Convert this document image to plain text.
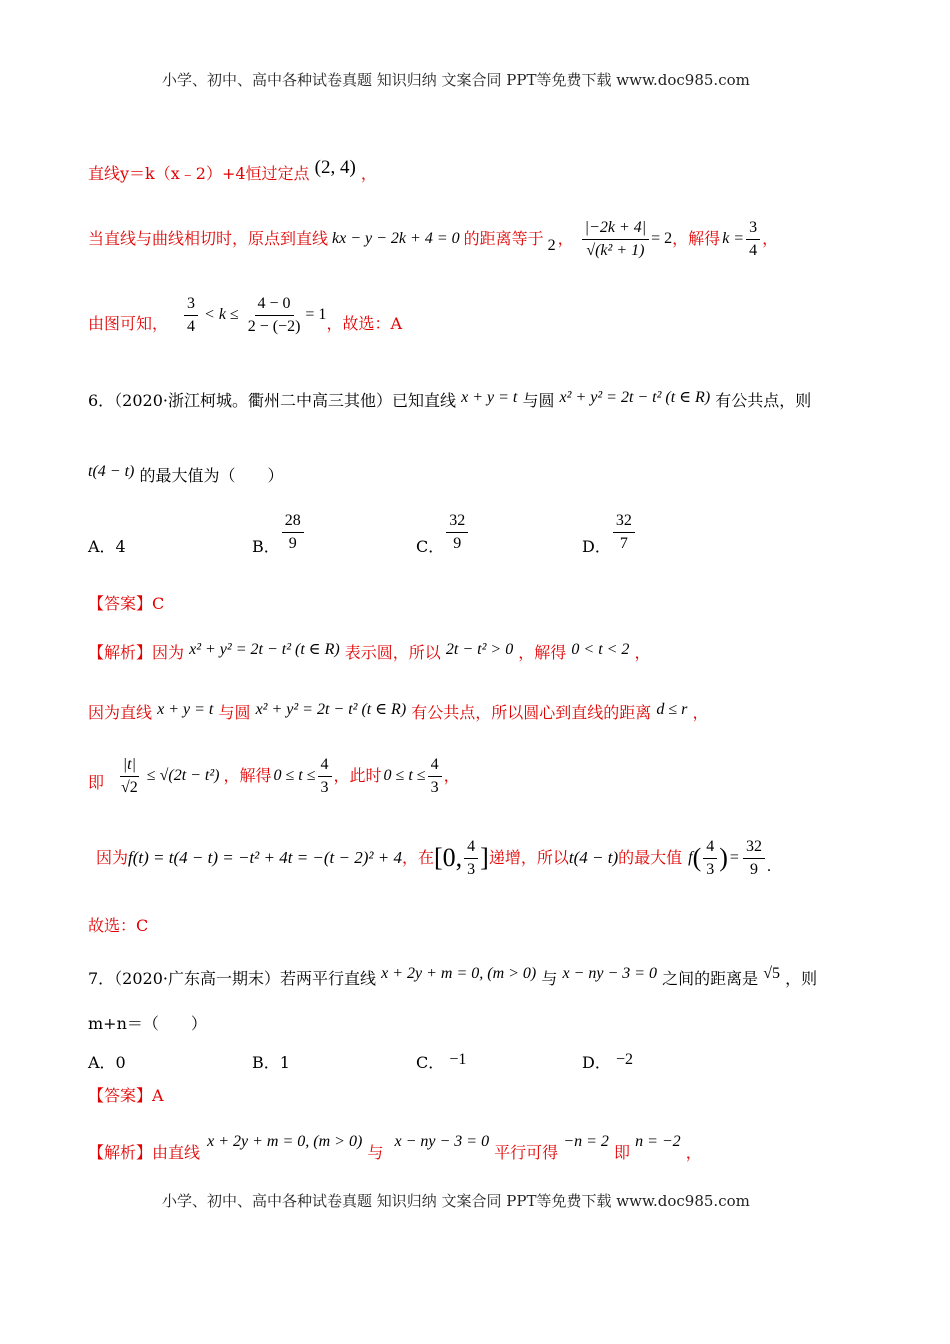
小学、初中、高中各种试卷真题 知识归纳 文案合同 PPT等免费下载 www.doc985.com
直线y＝k（x﹣2）+4恒过定点 (2, 4) ，
当直线与曲线相切时，原点到直线 kx − y − 2k + 4 = 0 的距离等于 2 ， $\frac{|-2k + 4|}{\text{√(k² + 1)}} = 2$ ，解得 $k = \frac{3}{4}$ ，
由图可知， $\frac{3}{4} < k \le \frac{4 - 0}{2 - (-2)} = 1$ ，故选：A
6．（2020·浙江柯城。衢州二中高三其他）已知直线 x + y = t 与圆 x² + y² = 2t − t² (t ∈ R) 有公共点，则
t(4 − t) 的最大值为（　　）
A．4	B． $\frac{28}{9}$	C． $\frac{32}{9}$	D． $\frac{32}{7}$
【答案】C
【解析】因为 x² + y² = 2t − t² (t ∈ R) 表示圆，所以 2t − t² > 0 ，解得 0 < t < 2 ，
因为直线 x + y = t 与圆 x² + y² = 2t − t² (t ∈ R) 有公共点，所以圆心到直线的距离 d ≤ r ，
即 $\frac{|t|}{√2} \le √(2t - t^2)$ ，解得 $0 \le t \le \frac{4}{3}$ ，此时 $0 \le t \le \frac{4}{3}$ ，
因为 f(t) = t(4 − t) = −t² + 4t = −(t − 2)² + 4 ，在 [0, $\frac{4}{3}$ ] 递增，所以 t(4 − t) 的最大值 f ( $\frac{4}{3}$ ) = $\frac{32}{9}$ .
故选：C
7．（2020·广东高一期末）若两平行直线 x + 2y + m = 0, (m > 0) 与 x − ny − 3 = 0 之间的距离是 √5 ，则
m+n＝（　　）
A．0	B．1	C． −1	D． −2
【答案】A
【解析】由直线 x + 2y + m = 0, (m > 0) 与 x − ny − 3 = 0 平行可得 −n = 2 即 n = −2 ，
小学、初中、高中各种试卷真题 知识归纳 文案合同 PPT等免费下载 www.doc985.com
